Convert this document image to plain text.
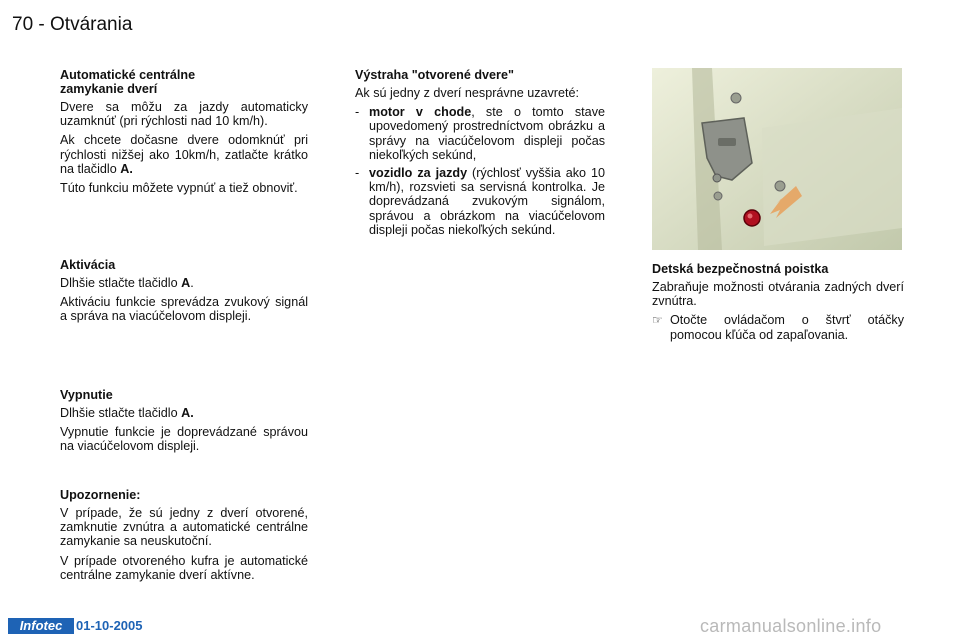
70 - Otvárania
Automatické centrálne
zamykanie dverí

Dvere sa môžu za jazdy automaticky uzamknúť (pri rýchlosti nad 10 km/h).

Ak chcete dočasne dvere odomknúť pri rýchlosti nižšej ako 10km/h, zatlačte krátko na tlačidlo A.

Túto funkciu môžete vypnúť a tiež obnoviť.

Aktivácia

Dlhšie stlačte tlačidlo A.

Aktiváciu funkcie sprevádza zvukový signál a správa na viacúčelovom displeji.

Vypnutie

Dlhšie stlačte tlačidlo A.

Vypnutie funkcie je doprevádzané správou na viacúčelovom displeji.

Upozornenie:

V prípade, že sú jedny z dverí otvorené, zamknutie zvnútra a automatické centrálne zamykanie sa neuskutoční.

V prípade otvoreného kufra je automatické centrálne zamykanie dverí aktívne.

Výstraha "otvorené dvere"

Ak sú jedny z dverí nesprávne uzavreté:

- motor v chode, ste o tomto stave upovedomený prostredníctvom obrázku a správy na viacúčelovom displeji počas niekoľkých sekúnd,
- vozidlo za jazdy (rýchlosť vyššia ako 10 km/h), rozsvieti sa servisná kontrolka. Je doprevádzaná zvukovým signálom, správou a obrázkom na viacúčelovom displeji počas niekoľkých sekúnd.
Detská bezpečnostná poistka

Zabraňuje možnosti otvárania zadných dverí zvnútra.

☞ Otočte ovládačom o štvrť otáčky pomocou kľúča od zapaľovania.
Infotec	01-10-2005	carmanualsonline.info
